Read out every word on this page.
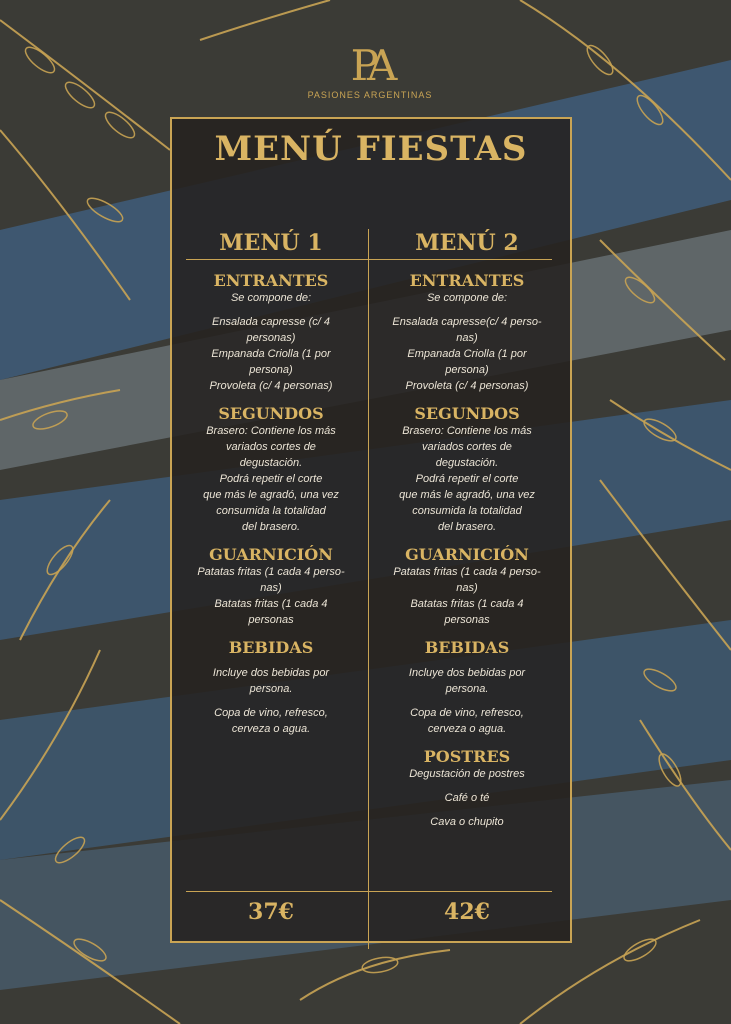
PA
PASIONES ARGENTINAS
MENÚ FIESTAS
MENÚ 1
ENTRANTES
Se compone de:
Ensalada capresse (c/ 4
personas)
Empanada Criolla (1 por
persona)
Provoleta (c/ 4 personas)
SEGUNDOS
Brasero: Contiene los más
variados cortes de
degustación.
Podrá repetir el corte
que más le agradó, una vez
consumida la totalidad
del brasero.
GUARNICIÓN
Patatas fritas (1 cada 4 perso-
nas)
Batatas fritas (1 cada 4
personas
BEBIDAS
Incluye dos bebidas por
persona.
Copa de vino, refresco,
cerveza o agua.
MENÚ 2
ENTRANTES
Se compone de:
Ensalada capresse(c/ 4 perso-
nas)
Empanada Criolla (1 por
persona)
Provoleta (c/ 4 personas)
SEGUNDOS
Brasero: Contiene los más
variados cortes de
degustación.
Podrá repetir el corte
que más le agradó, una vez
consumida la totalidad
del brasero.
GUARNICIÓN
Patatas fritas (1 cada 4 perso-
nas)
Batatas fritas (1 cada 4
personas
BEBIDAS
Incluye dos bebidas por
persona.
Copa de vino, refresco,
cerveza o agua.
POSTRES
Degustación de postres
Café o té
Cava o chupito
37€	42€
